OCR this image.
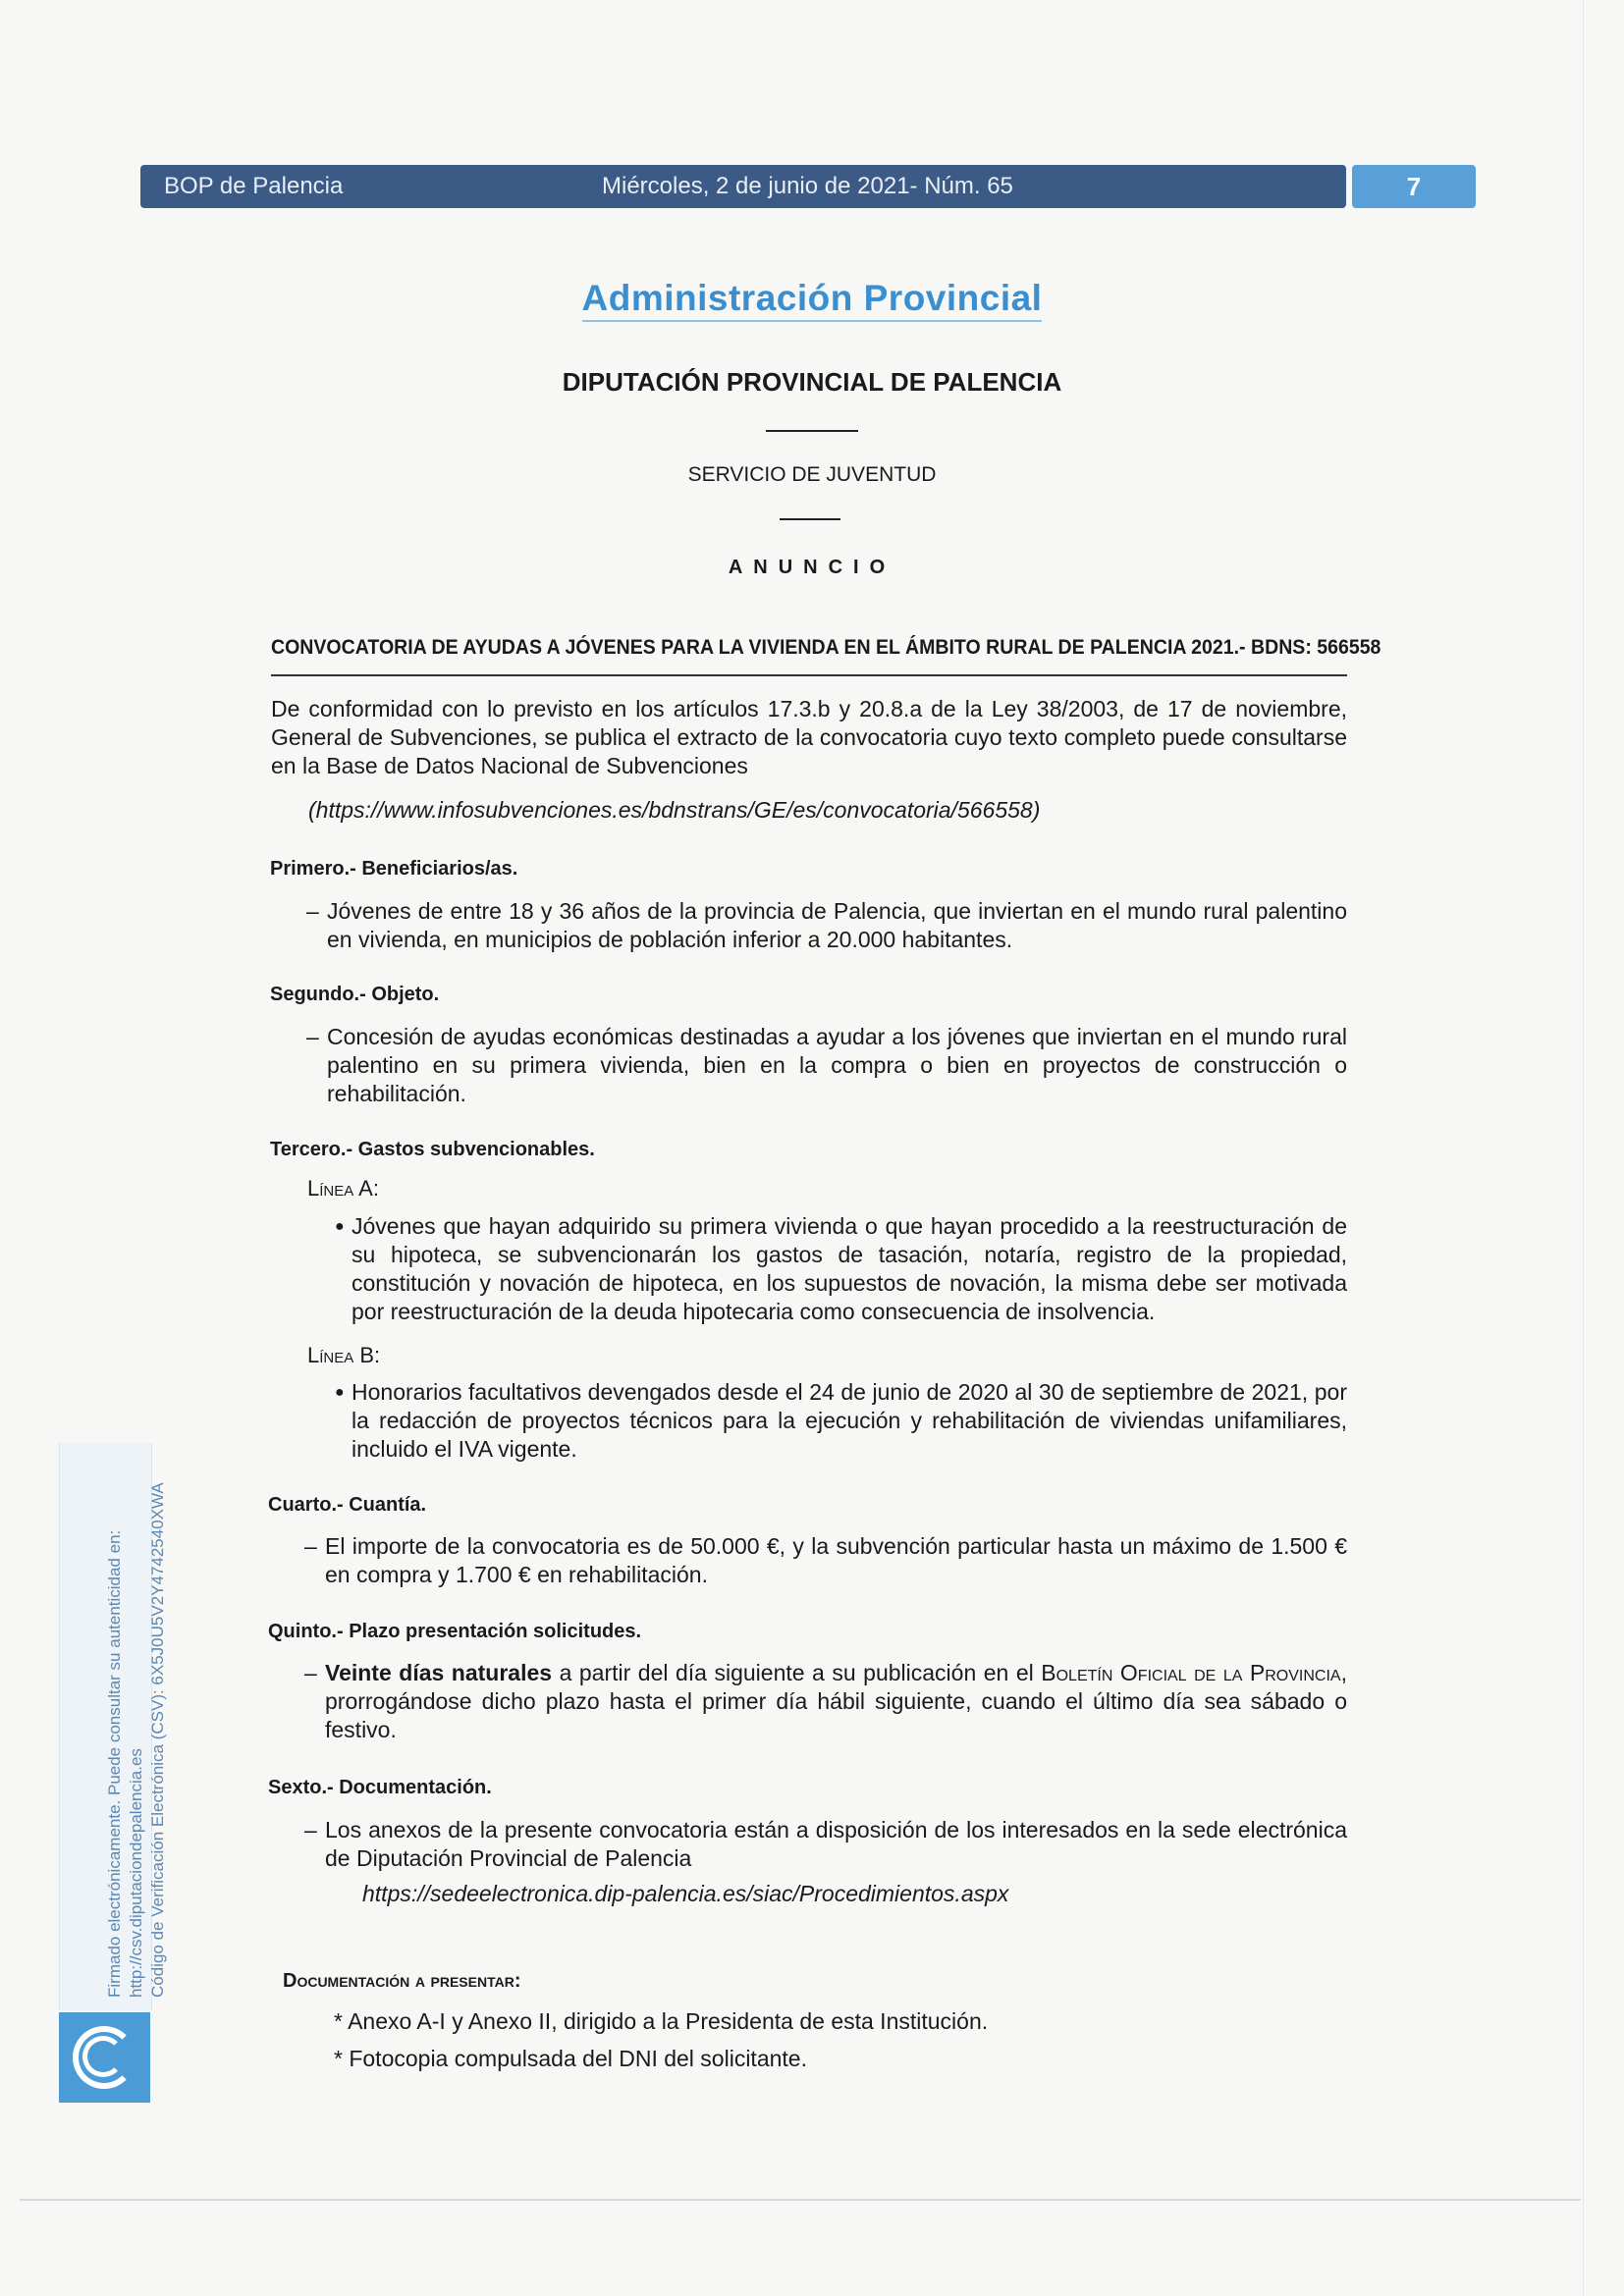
BOP de Palencia	Miércoles, 2 de junio de 2021- Núm. 65	7
Administración Provincial
DIPUTACIÓN PROVINCIAL DE PALENCIA
SERVICIO DE JUVENTUD
ANUNCIO
CONVOCATORIA DE AYUDAS A JÓVENES PARA LA VIVIENDA EN EL ÁMBITO RURAL DE PALENCIA 2021.- BDNS: 566558
De conformidad con lo previsto en los artículos 17.3.b y 20.8.a de la Ley 38/2003, de 17 de noviembre, General de Subvenciones, se publica el extracto de la convocatoria cuyo texto completo puede consultarse en la Base de Datos Nacional de Subvenciones
(https://www.infosubvenciones.es/bdnstrans/GE/es/convocatoria/566558)
Primero.- Beneficiarios/as.
– Jóvenes de entre 18 y 36 años de la provincia de Palencia, que inviertan en el mundo rural palentino en vivienda, en municipios de población inferior a 20.000 habitantes.
Segundo.- Objeto.
– Concesión de ayudas económicas destinadas a ayudar a los jóvenes que inviertan en el mundo rural palentino en su primera vivienda, bien en la compra o bien en proyectos de construcción o rehabilitación.
Tercero.- Gastos subvencionables.
Línea A:
● Jóvenes que hayan adquirido su primera vivienda o que hayan procedido a la reestructuración de su hipoteca, se subvencionarán los gastos de tasación, notaría, registro de la propiedad, constitución y novación de hipoteca, en los supuestos de novación, la misma debe ser motivada por reestructuración de la deuda hipotecaria como consecuencia de insolvencia.
Línea B:
● Honorarios facultativos devengados desde el 24 de junio de 2020 al 30 de septiembre de 2021, por la redacción de proyectos técnicos para la ejecución y rehabilitación de viviendas unifamiliares, incluido el IVA vigente.
Cuarto.- Cuantía.
– El importe de la convocatoria es de 50.000 €, y la subvención particular hasta un máximo de 1.500 € en compra y 1.700 € en rehabilitación.
Quinto.- Plazo presentación solicitudes.
– Veinte días naturales a partir del día siguiente a su publicación en el Boletín Oficial de la Provincia, prorrogándose dicho plazo hasta el primer día hábil siguiente, cuando el último día sea sábado o festivo.
Sexto.- Documentación.
– Los anexos de la presente convocatoria están a disposición de los interesados en la sede electrónica de Diputación Provincial de Palencia
https://sedeelectronica.dip-palencia.es/siac/Procedimientos.aspx
Documentación a presentar:
* Anexo A-I y Anexo II, dirigido a la Presidenta de esta Institución.
* Fotocopia compulsada del DNI del solicitante.
Firmado electrónicamente. Puede consultar su autenticidad en: http://csv.diputaciondepalencia.es Código de Verificación Electrónica (CSV): 6X5J0U5V2Y4742540XWA
